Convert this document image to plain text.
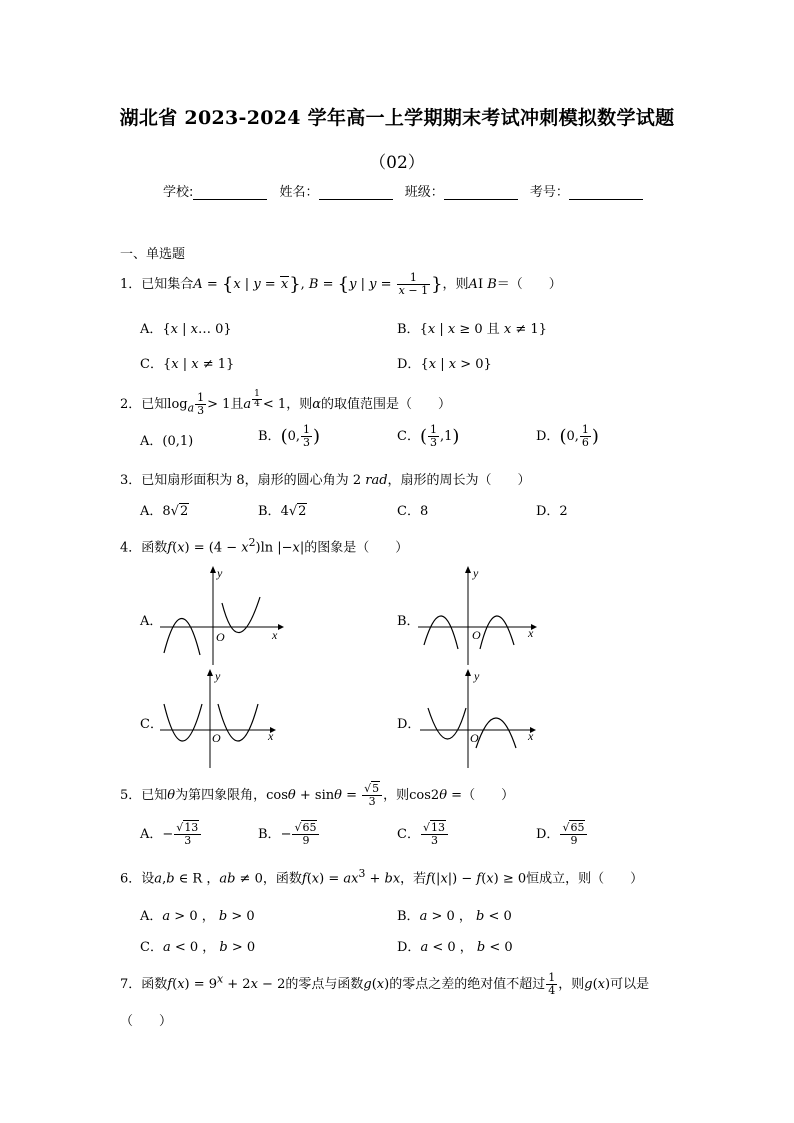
湖北省 2023-2024 学年高一上学期期末考试冲刺模拟数学试题
（02）
学校:	姓名：	班级：	考号：
一、单选题
1．已知集合A = {x | y = x}, B = {y | $y = \frac{1}{x - 1}$ }，则AⅠ B＝（　　）
A．{x | x… 0}	B．{x | x ≥ 0 且 x ≠ 1}
C．{x | x ≠ 1}	D．{x | x > 0}
2．已知$\log_a \frac{1}{3} > 1$且a $^{\frac{1}{4}}$ < 1，则α的取值范围是（　　）
A．(0,1)	B．(0, $\frac{1}{3}$ )	C．( $\frac{1}{3} ,1$)	D．(0, $\frac{1}{6}$ )
3．已知扇形面积为 8，扇形的圆心角为 2 rad，扇形的周长为（　　）
A．8√2	B．4√2	C．8	D．2
4．函数$f(x) = (4 - x^2)\ln$ |−x|的图象是（　　）
A．	B．
C．	D．
y
x
O
y
x
O
y
x
O
y
x
O
5．已知θ为第四象限角，$\cos\theta + \sin\theta = \frac{√5}{3}$ ，则cos2θ =（　　）
A．− $\frac{√13}{3}$	B．− $\frac{√65}{9}$	C． $\frac{√13}{3}$	D． $\frac{√65}{9}$
6．设a,b ∈ R ，ab ≠ 0，函数$f(x) = ax^3$ + bx，若f(|x|) − f(x) ≥ 0恒成立，则（　　）
A．a > 0 ， b > 0	B．a > 0 ， b < 0
C．a < 0 ， b > 0	D．a < 0 ， b < 0
7．函数$f(x) = 9^x + 2x - 2$的零点与函数g(x)的零点之差的绝对值不超过 $\frac{1}{4}$ ，则g(x)可以是
（　　）
